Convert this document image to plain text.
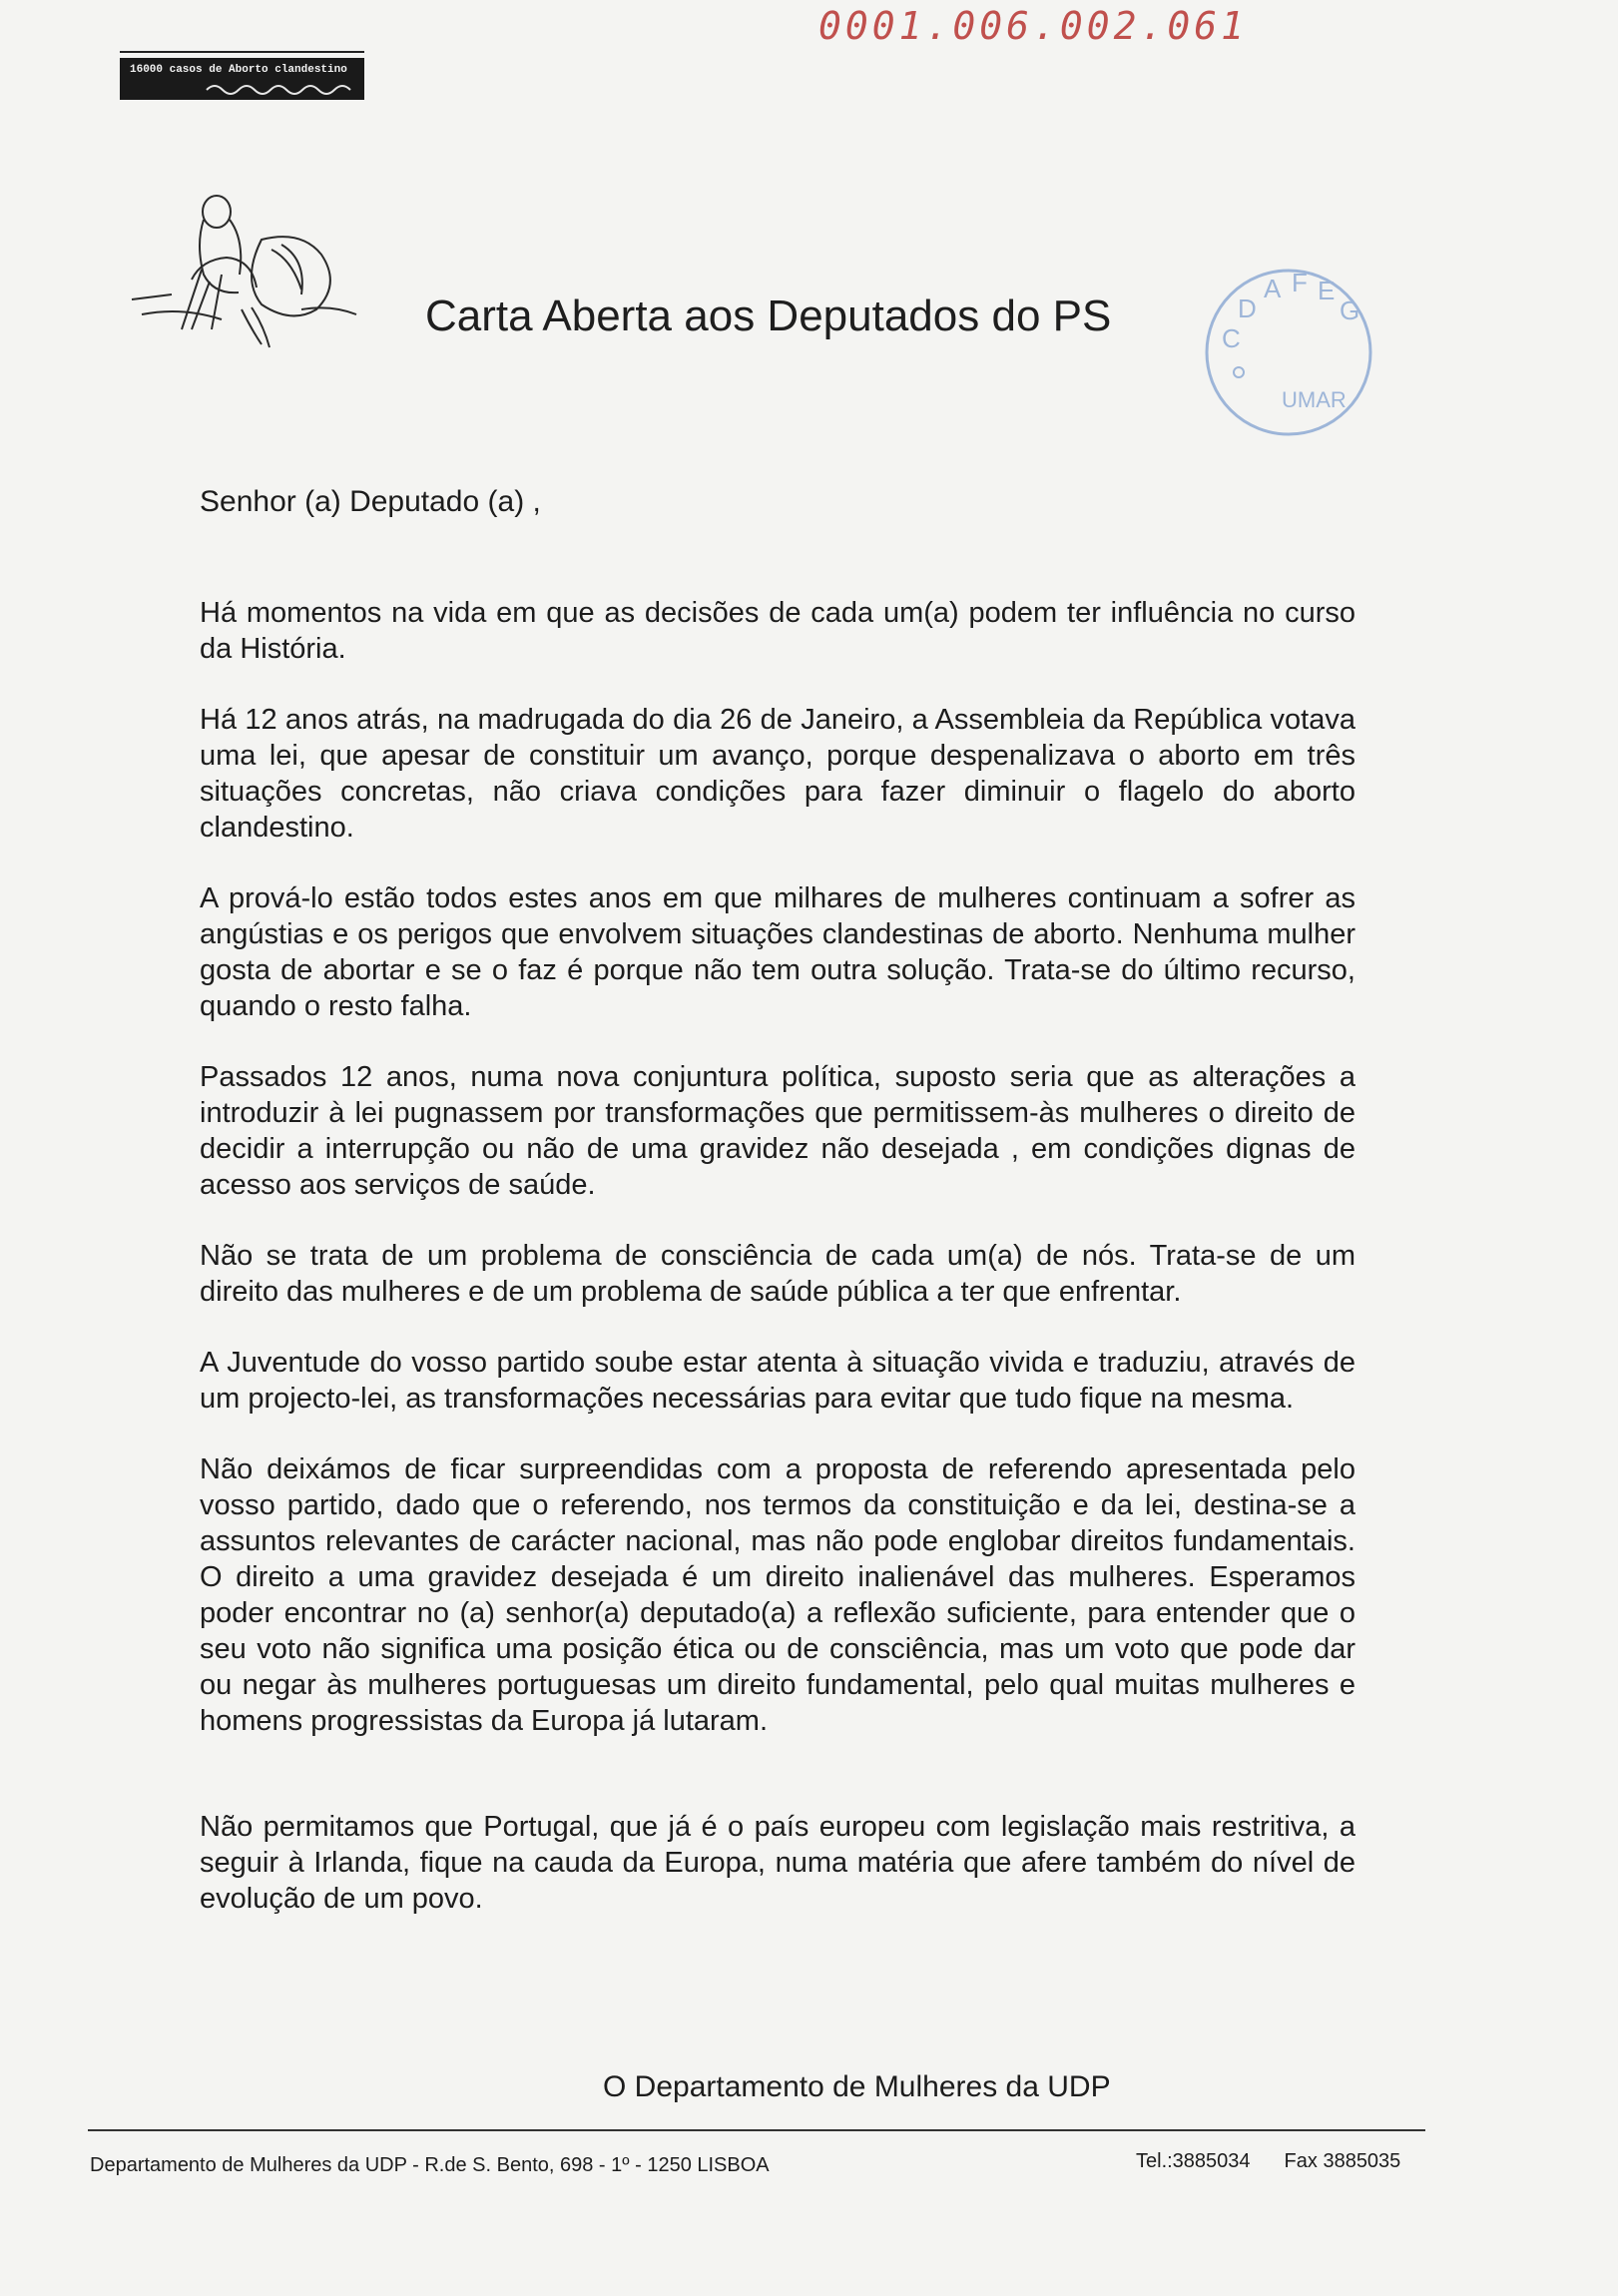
0001.006.002.061
16000 casos de Aborto clandestino
Carta Aberta aos Deputados do PS	C
D
A F E
G
UMAR
Senhor (a) Deputado (a) ,

Há momentos na vida em que as decisões de cada um(a) podem ter influência no curso da História.

Há 12 anos atrás, na madrugada do dia 26 de Janeiro, a Assembleia da República votava uma lei, que apesar de constituir um avanço, porque despenalizava o aborto em três situações concretas, não criava condições para fazer diminuir o flagelo do aborto clandestino.

A prová-lo estão todos estes anos em que milhares de mulheres continuam a sofrer as angústias e os perigos que envolvem situações clandestinas de aborto. Nenhuma mulher gosta de abortar e se o faz é porque não tem outra solução. Trata-se do último recurso, quando o resto falha.

Passados 12 anos, numa nova conjuntura política, suposto seria que as alterações a introduzir à lei pugnassem por transformações que permitissem-às mulheres o direito de decidir a interrupção ou não de uma gravidez não desejada , em condições dignas de acesso aos serviços de saúde.

Não se trata de um problema de consciência de cada um(a) de nós. Trata-se de um direito das mulheres e de um problema de saúde pública a ter que enfrentar.

A Juventude do vosso partido soube estar atenta à situação vivida e traduziu, através de um projecto-lei, as transformações necessárias para evitar que tudo fique na mesma.

Não deixámos de ficar surpreendidas com a proposta de referendo apresentada pelo vosso partido, dado que o referendo, nos termos da constituição e da lei, destina-se a assuntos relevantes de carácter nacional, mas não pode englobar direitos fundamentais. O direito a uma gravidez desejada é um direito inalienável das mulheres. Esperamos poder encontrar no (a) senhor(a) deputado(a) a reflexão suficiente, para entender que o seu voto não significa uma posição ética ou de consciência, mas um voto que pode dar ou negar às mulheres portuguesas um direito fundamental, pelo qual muitas mulheres e homens progressistas da Europa já lutaram.

Não permitamos que Portugal, que já é o país europeu com legislação mais restritiva, a seguir à Irlanda, fique na cauda da Europa, numa matéria que afere também do nível de evolução de um povo.

O Departamento de Mulheres da UDP
Departamento de Mulheres da UDP - R.de S. Bento, 698 - 1º - 1250 LISBOA	Tel.:3885034 Fax 3885035
